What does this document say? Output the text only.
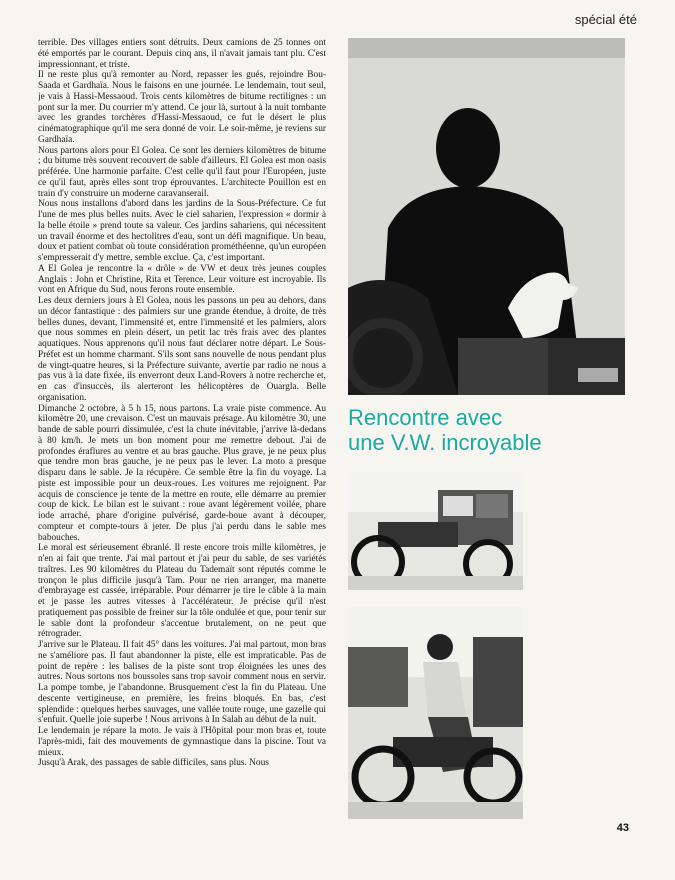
spécial été

terrible. Des villages entiers sont détruits. Deux camions de 25 tonnes ont été emportés par le courant. Depuis cinq ans, il n'avait jamais tant plu. C'est impressionnant, et triste.

Il ne reste plus qu'à remonter au Nord, repasser les gués, rejoindre Bou-Saada et Gardhaïa. Nous le faisons en une journée. Le lendemain, tout seul, je vais à Hassi-Messaoud. Trois cents kilomètres de bitume rectilignes : un pont sur la mer. Du courrier m'y attend. Ce jour là, surtout à la nuit tombante avec les grandes torchères d'Hassi-Messaoud, ce fut le désert le plus cinématographique qu'il me sera donné de voir. Le soir-même, je reviens sur Gardhaïa.

Nous partons alors pour El Golea. Ce sont les derniers kilomètres de bitume ; du bitume très souvent recouvert de sable d'ailleurs. El Golea est mon oasis préférée. Une harmonie parfaite. C'est celle qu'il faut pour l'Européen, juste ce qu'il faut, après elles sont trop éprouvantes. L'architecte Pouillon est en train d'y construire un moderne caravanserail.

Nous nous installons d'abord dans les jardins de la Sous-Préfecture. Ce fut l'une de mes plus belles nuits. Avec le ciel saharien, l'expression « dormir à la belle étoile » prend toute sa valeur. Ces jardins sahariens, qui nécessitent un travail énorme et des hectolitres d'eau, sont un défi magnifique. Un beau, doux et patient combat où toute considération prométhéenne, qu'un européen s'empresserait d'y mettre, semble exclue. Ça, c'est important.

A El Golea je rencontre la « drôle » de VW et deux très jeunes couples Anglais : John et Christine, Rita et Terence. Leur voiture est incroyable. Ils vont en Afrique du Sud, nous ferons route ensemble.

Les deux derniers jours à El Golea, nous les passons un peu au dehors, dans un décor fantastique : des palmiers sur une grande étendue, à droite, de très belles dunes, devant, l'immensité et, entre l'immensité et les palmiers, alors que nous sommes en plein désert, un petit lac très frais avec des plantes aquatiques. Nous apprenons qu'il nous faut déclarer notre départ. Le Sous-Préfet est un homme charmant. S'ils sont sans nouvelle de nous pendant plus de vingt-quatre heures, si la Préfecture suivante, avertie par radio ne nous a pas vus à la date fixée, ils enverront deux Land-Rovers à notre recherche et, en cas d'insuccès, ils alerteront les hélicoptères de Ouargla. Belle organisation.

Dimanche 2 octobre, à 5 h 15, nous partons. La vraie piste commence. Au kilomètre 20, une crevaison. C'est un mauvais présage. Au kilomètre 30, une bande de sable pourri dissimulée, c'est la chute inévitable, j'arrive là-dedans à 80 km/h. Je mets un bon moment pour me remettre debout. J'ai de profondes éraflures au ventre et au bras gauche. Plus grave, je ne peux plus que tendre mon bras gauche, je ne peux pas le lever. La moto a presque disparu dans le sable. Je la récupère. Ce semble être la fin du voyage. La piste est impossible pour un deux-roues. Les voitures me rejoignent. Par acquis de conscience je tente de la mettre en route, elle démarre au premier coup de kick. Le bilan est le suivant : roue avant légèrement voilée, phare iode arraché, phare d'origine pulvérisé, garde-boue avant à découper, compteur et compte-tours à jeter. De plus j'ai perdu dans le sable mes babouches.

Le moral est sérieusement ébranlé. Il reste encore trois mille kilomètres, je n'en ai fait que trente. J'ai mal partout et j'ai peur du sable, de ses variétés traîtres. Les 90 kilomètres du Plateau du Tademaït sont réputés comme le tronçon le plus difficile jusqu'à Tam. Pour ne rien arranger, ma manette d'embrayage est cassée, irréparable. Pour démarrer je tire le câble à la main et je passe les autres vitesses à l'accélérateur. Je précise qu'il n'est pratiquement pas possible de freiner sur la tôle ondulée et que, pour tenir sur le sable dont la profondeur s'accentue brutalement, on ne peut que rétrograder.

J'arrive sur le Plateau. Il fait 45° dans les voitures. J'ai mal partout, mon bras ne s'améliore pas. Il faut abandonner la piste, elle est impraticable. Pas de point de repère : les balises de la piste sont trop éloignées les unes des autres. Nous sortons nos boussoles sans trop savoir comment nous en servir. La pompe tombe, je l'abandonne. Brusquement c'est la fin du Plateau. Une descente vertigineuse, en première, les freins bloqués. En bas, c'est splendide : quelques herbes sauvages, une vallée toute rouge, une gazelle qui s'enfuit. Quelle joie superbe ! Nous arrivons à In Salah au début de la nuit.

Le lendemain je répare la moto. Je vais à l'Hôpital pour mon bras et, toute l'après-midi, fait des mouvements de gymnastique dans la piscine. Tout va mieux.

Jusqu'à Arak, des passages de sable difficiles, sans plus. Nous

Rencontre avec
une V.W. incroyable
43
